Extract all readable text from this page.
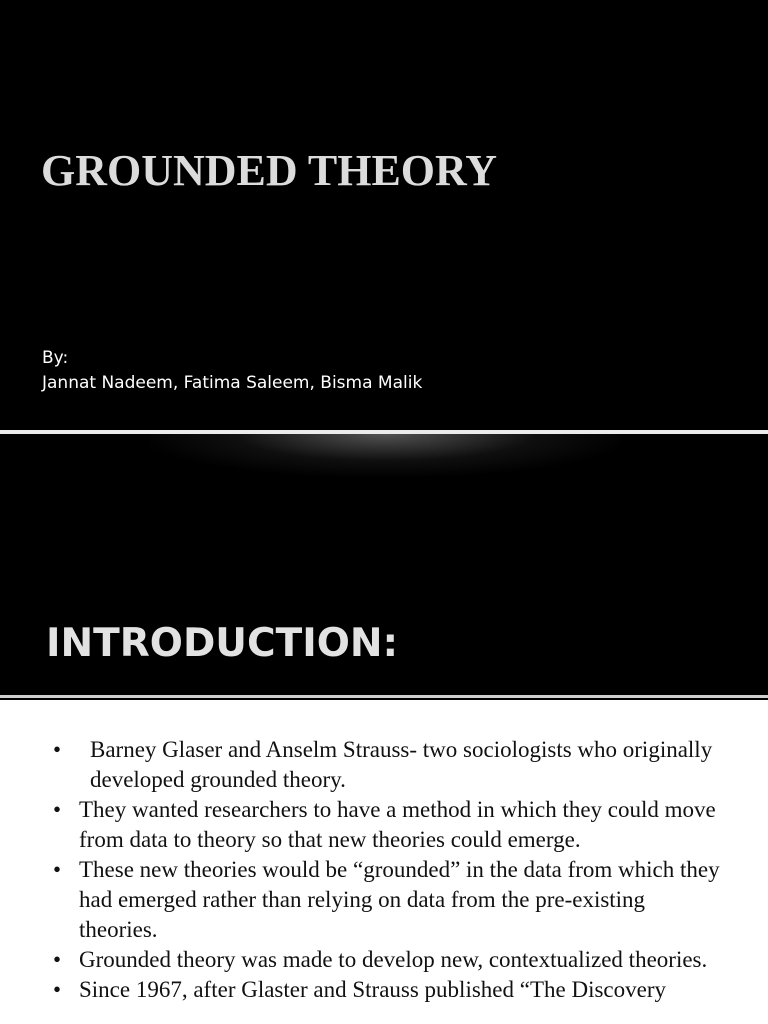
GROUNDED THEORY
By:
Jannat Nadeem, Fatima Saleem, Bisma Malik
INTRODUCTION:
• Barney Glaser and Anselm Strauss- two sociologists who originally developed grounded theory.
• They wanted researchers to have a method in which they could move from data to theory so that new theories could emerge.
• These new theories would be “grounded” in the data from which they had emerged rather than relying on data from the pre-existing theories.
• Grounded theory was made to develop new, contextualized theories.
• Since 1967, after Glaster and Strauss published “The Discovery
